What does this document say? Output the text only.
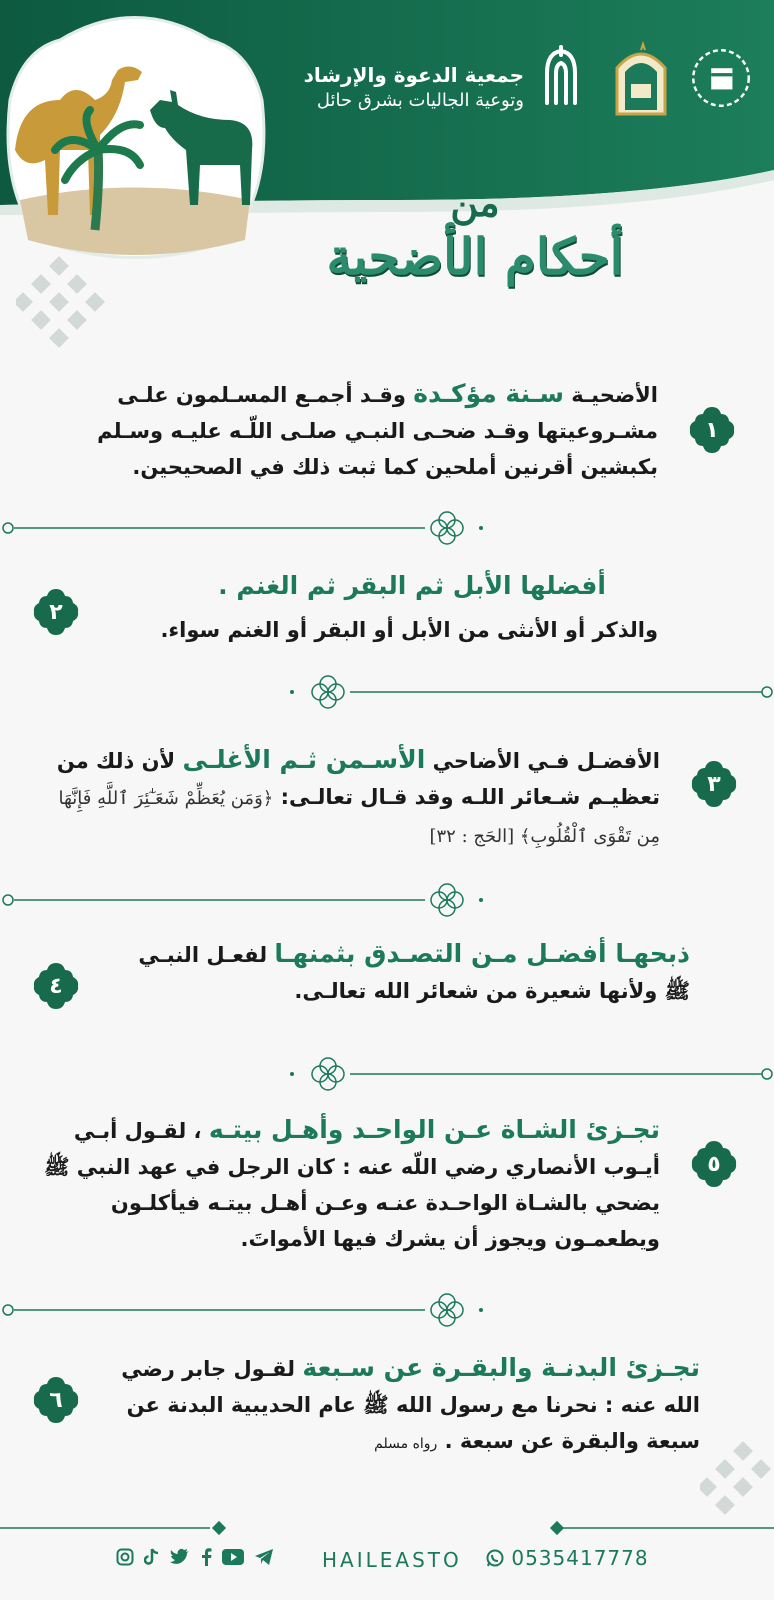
جمعية الدعوة والإرشاد
وتوعية الجاليات بشرق حائل
من
أحكام الأضحية
١
الأضحيـة سـنة مؤكـدة وقـد أجمـع المسـلمون علـى مشـروعيتها وقـد ضحـى النبـي صلـى اللّـه عليـه وسـلم بكبشين أقرنين أملحين كما ثبت ذلك في الصحيحين.
٢
أفضلها الأبل ثم البقر ثم الغنم .
والذكر أو الأنثى من الأبل أو البقر أو الغنم سواء.
٣
الأفضـل فـي الأضاحي الأسـمن ثـم الأغلـى لأن ذلك من تعظيـم شـعائر اللـه وقد قـال تعالـى: ﴿وَمَن يُعَظِّمْ شَعَـٰٓئِرَ ٱللَّهِ فَإِنَّهَا مِن تَقْوَى ٱلْقُلُوبِ﴾ [الحَج : ٣٢]
٤
ذبحهـا أفضـل مـن التصـدق بثمنهـا لفعـل النبـي ﷺ ولأنها شعيرة من شعائر الله تعالـى.
٥
تجـزئ الشـاة عـن الواحـد وأهـل بيتـه ، لقـول أبـي أيـوب الأنصاري رضي اللّه عنه : كان الرجل في عهد النبي ﷺ يضحي بالشـاة الواحـدة عنـه وعـن أهـل بيتـه فيأكلـون ويطعمـون ويجوز أن يشرك فيها الأمواتَ.
٦
تجـزئ البدنـة والبقـرة عن سـبعة لقـول جابر رضي الله عنه : نحرنا مع رسول الله ﷺ عام الحديبية البدنة عن سبعة والبقرة عن سبعة . رواه مسلم
HAILEASTO	0535417778
